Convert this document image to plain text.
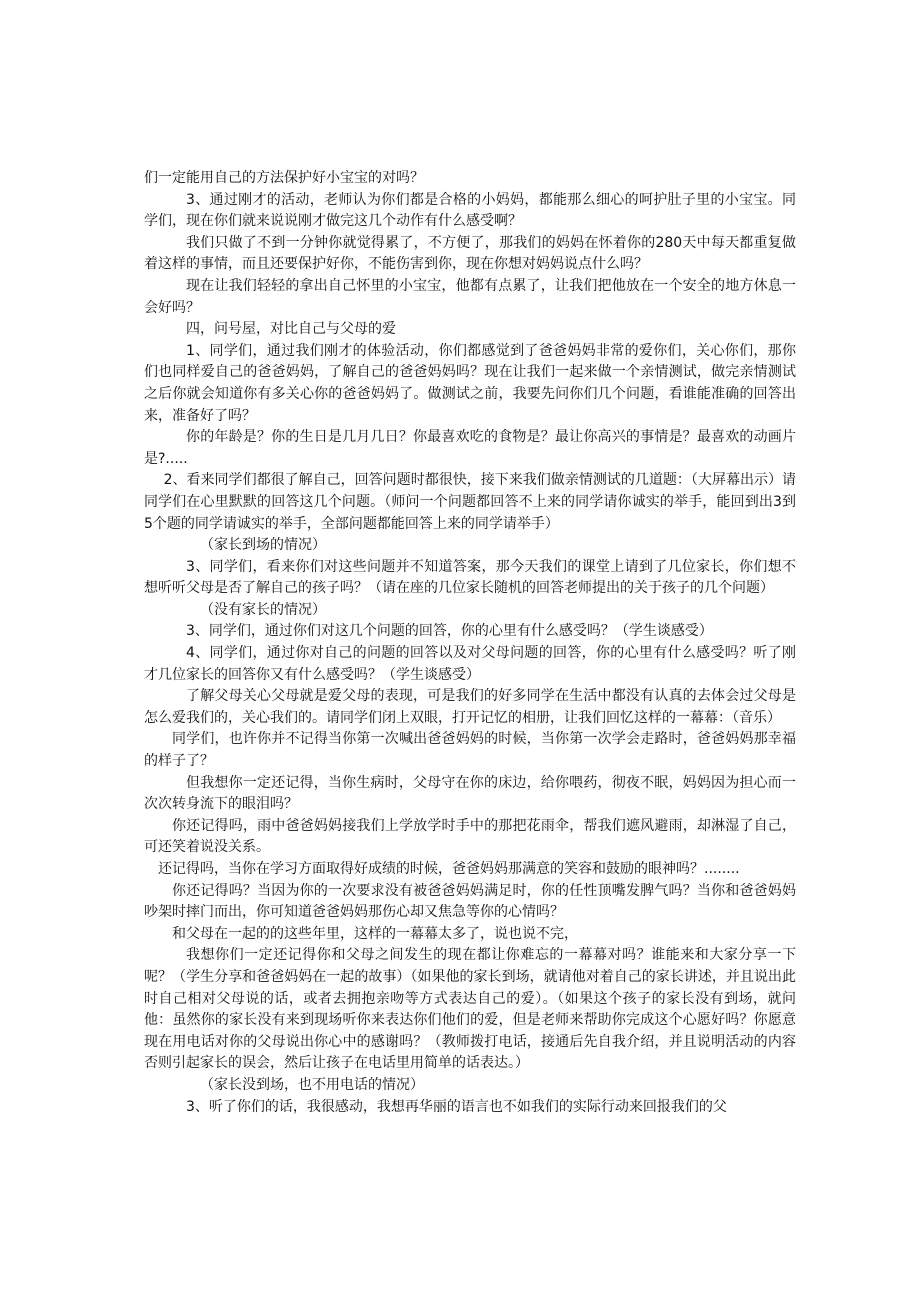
们一定能用自己的方法保护好小宝宝的对吗？

3、通过刚才的活动，老师认为你们都是合格的小妈妈，都能那么细心的呵护肚子里的小宝宝。同学们，现在你们就来说说刚才做完这几个动作有什么感受啊？

我们只做了不到一分钟你就觉得累了，不方便了，那我们的妈妈在怀着你的280天中每天都重复做着这样的事情，而且还要保护好你，不能伤害到你，现在你想对妈妈说点什么吗？

现在让我们轻轻的拿出自己怀里的小宝宝，他都有点累了，让我们把他放在一个安全的地方休息一会好吗？

四，问号屋，对比自己与父母的爱

1、同学们，通过我们刚才的体验活动，你们都感觉到了爸爸妈妈非常的爱你们，关心你们，那你们也同样爱自己的爸爸妈妈，了解自己的爸爸妈妈吗？现在让我们一起来做一个亲情测试，做完亲情测试之后你就会知道你有多关心你的爸爸妈妈了。做测试之前，我要先问你们几个问题，看谁能准确的回答出来，准备好了吗？

你的年龄是？你的生日是几月几日？你最喜欢吃的食物是？最让你高兴的事情是？最喜欢的动画片是?.....

2、看来同学们都很了解自己，回答问题时都很快，接下来我们做亲情测试的几道题：（大屏幕出示）请同学们在心里默默的回答这几个问题。（师问一个问题都回答不上来的同学请你诚实的举手，能回到出3到5个题的同学请诚实的举手，全部问题都能回答上来的同学请举手）

（家长到场的情况）

3、同学们，看来你们对这些问题并不知道答案，那今天我们的课堂上请到了几位家长，你们想不想听听父母是否了解自己的孩子吗？（请在座的几位家长随机的回答老师提出的关于孩子的几个问题）

（没有家长的情况）

3、同学们，通过你们对这几个问题的回答，你的心里有什么感受吗？（学生谈感受）

4、同学们，通过你对自己的问题的回答以及对父母问题的回答，你的心里有什么感受吗？听了刚才几位家长的回答你又有什么感受吗？（学生谈感受）

了解父母关心父母就是爱父母的表现，可是我们的好多同学在生活中都没有认真的去体会过父母是怎么爱我们的，关心我们的。请同学们闭上双眼，打开记忆的相册，让我们回忆这样的一幕幕：（音乐）

同学们，也许你并不记得当你第一次喊出爸爸妈妈的时候，当你第一次学会走路时，爸爸妈妈那幸福的样子了？

但我想你一定还记得，当你生病时，父母守在你的床边，给你喂药，彻夜不眠，妈妈因为担心而一次次转身流下的眼泪吗？

你还记得吗，雨中爸爸妈妈接我们上学放学时手中的那把花雨伞，帮我们遮风避雨，却淋湿了自己，可还笑着说没关系。

还记得吗，当你在学习方面取得好成绩的时候，爸爸妈妈那满意的笑容和鼓励的眼神吗？........

你还记得吗？当因为你的一次要求没有被爸爸妈妈满足时，你的任性顶嘴发脾气吗？当你和爸爸妈妈吵架时摔门而出，你可知道爸爸妈妈那伤心却又焦急等你的心情吗？

和父母在一起的的这些年里，这样的一幕幕太多了，说也说不完，

我想你们一定还记得你和父母之间发生的现在都让你难忘的一幕幕对吗？谁能来和大家分享一下呢？（学生分享和爸爸妈妈在一起的故事）（如果他的家长到场，就请他对着自己的家长讲述，并且说出此时自己相对父母说的话，或者去拥抱亲吻等方式表达自己的爱）。（如果这个孩子的家长没有到场，就问他：虽然你的家长没有来到现场听你来表达你们他们的爱，但是老师来帮助你完成这个心愿好吗？你愿意现在用电话对你的父母说出你心中的感谢吗？（教师拨打电话，接通后先自我介绍，并且说明活动的内容否则引起家长的误会，然后让孩子在电话里用简单的话表达。）

（家长没到场，也不用电话的情况）

3、听了你们的话，我很感动，我想再华丽的语言也不如我们的实际行动来回报我们的父
